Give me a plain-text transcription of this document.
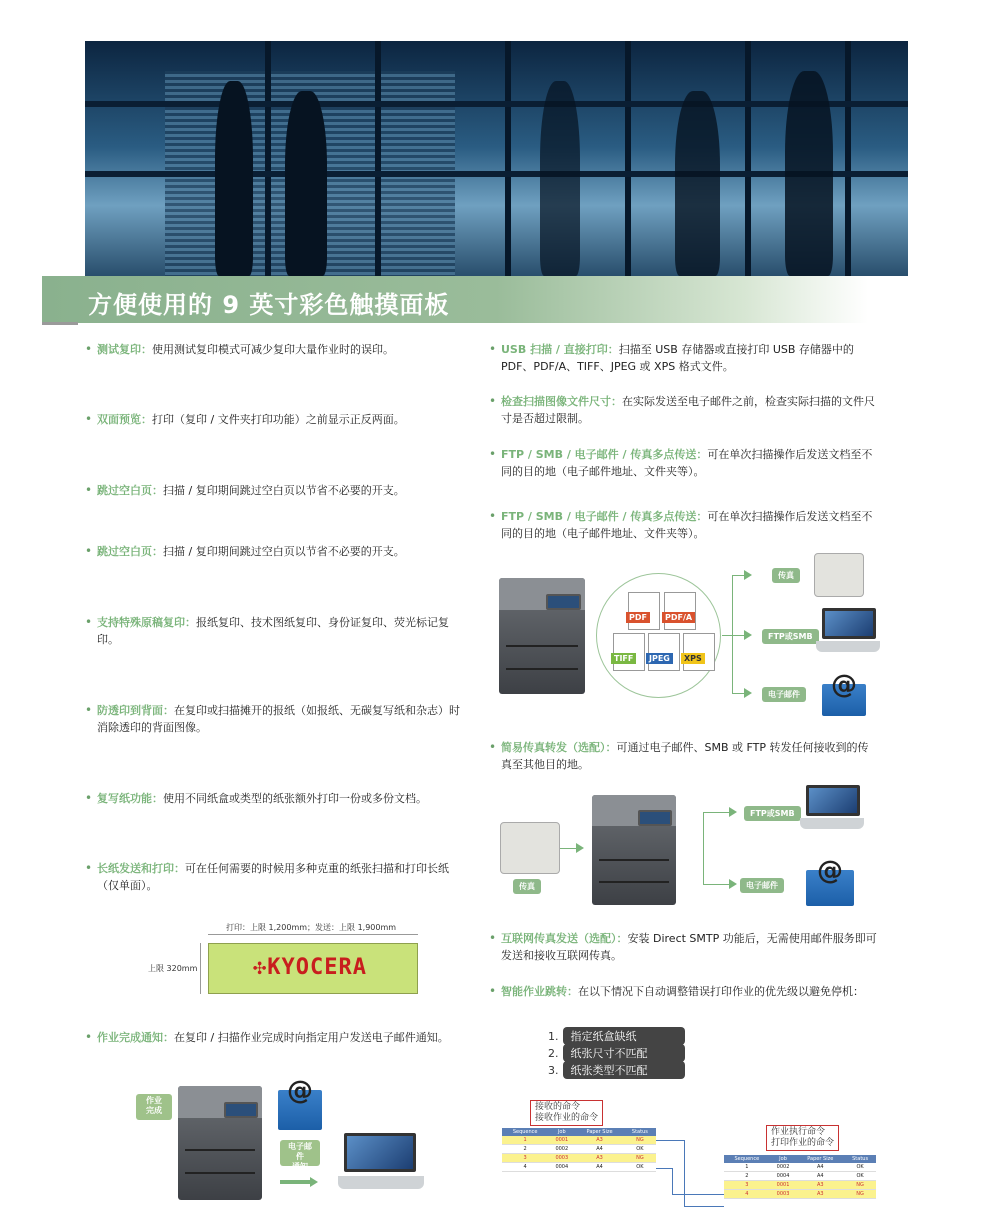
方便使用的 9 英寸彩色触摸面板
• 测试复印：使用测试复印模式可减少复印大量作业时的误印。
• 双面预览：打印（复印 / 文件夹打印功能）之前显示正反两面。
• 跳过空白页：扫描 / 复印期间跳过空白页以节省不必要的开支。
• 跳过空白页：扫描 / 复印期间跳过空白页以节省不必要的开支。
• 支持特殊原稿复印：报纸复印、技术图纸复印、身份证复印、荧光标记复印。
• 防透印到背面：在复印或扫描摊开的报纸（如报纸、无碳复写纸和杂志）时消除透印的背面图像。
• 复写纸功能：使用不同纸盒或类型的纸张额外打印一份或多份文档。
• 长纸发送和打印：可在任何需要的时候用多种克重的纸张扫描和打印长纸（仅单面）。
• 作业完成通知：在复印 / 扫描作业完成时向指定用户发送电子邮件通知。
打印：上限 1,200mm；发送：上限 1,900mm
上限 320mm	✣KYOCERA
作业
完成
@
电子邮件
通知
• USB 扫描 / 直接打印：扫描至 USB 存储器或直接打印 USB 存储器中的 PDF、PDF/A、TIFF、JPEG 或 XPS 格式文件。
• 检查扫描图像文件尺寸：在实际发送至电子邮件之前，检查实际扫描的文件尺寸是否超过限制。
• FTP / SMB / 电子邮件 / 传真多点传送：可在单次扫描操作后发送文档至不同的目的地（电子邮件地址、文件夹等）。
• FTP / SMB / 电子邮件 / 传真多点传送：可在单次扫描操作后发送文档至不同的目的地（电子邮件地址、文件夹等）。
PDF	PDF/A
TIFF	JPEG	XPS
传真
FTP或SMB
电子邮件	@
• 简易传真转发（选配）：可通过电子邮件、SMB 或 FTP 转发任何接收到的传真至其他目的地。
传真
FTP或SMB
电子邮件	@
• 互联网传真发送（选配）：安装 Direct SMTP 功能后，无需使用邮件服务即可发送和接收互联网传真。
• 智能作业跳转：在以下情况下自动调整错误打印作业的优先级以避免停机：
1. 指定纸盒缺纸
2. 纸张尺寸不匹配
3. 纸张类型不匹配
接收的命令
接收作业的命令
Sequence	Job	Paper Size	Status
1	0001	A3	NG
2	0002	A4	OK
3	0003	A3	NG
4	0004	A4	OK
作业执行命令
打印作业的命令
Sequence	Job	Paper Size	Status
1	0002	A4	OK
2	0004	A4	OK
3	0001	A3	NG
4	0003	A3	NG
